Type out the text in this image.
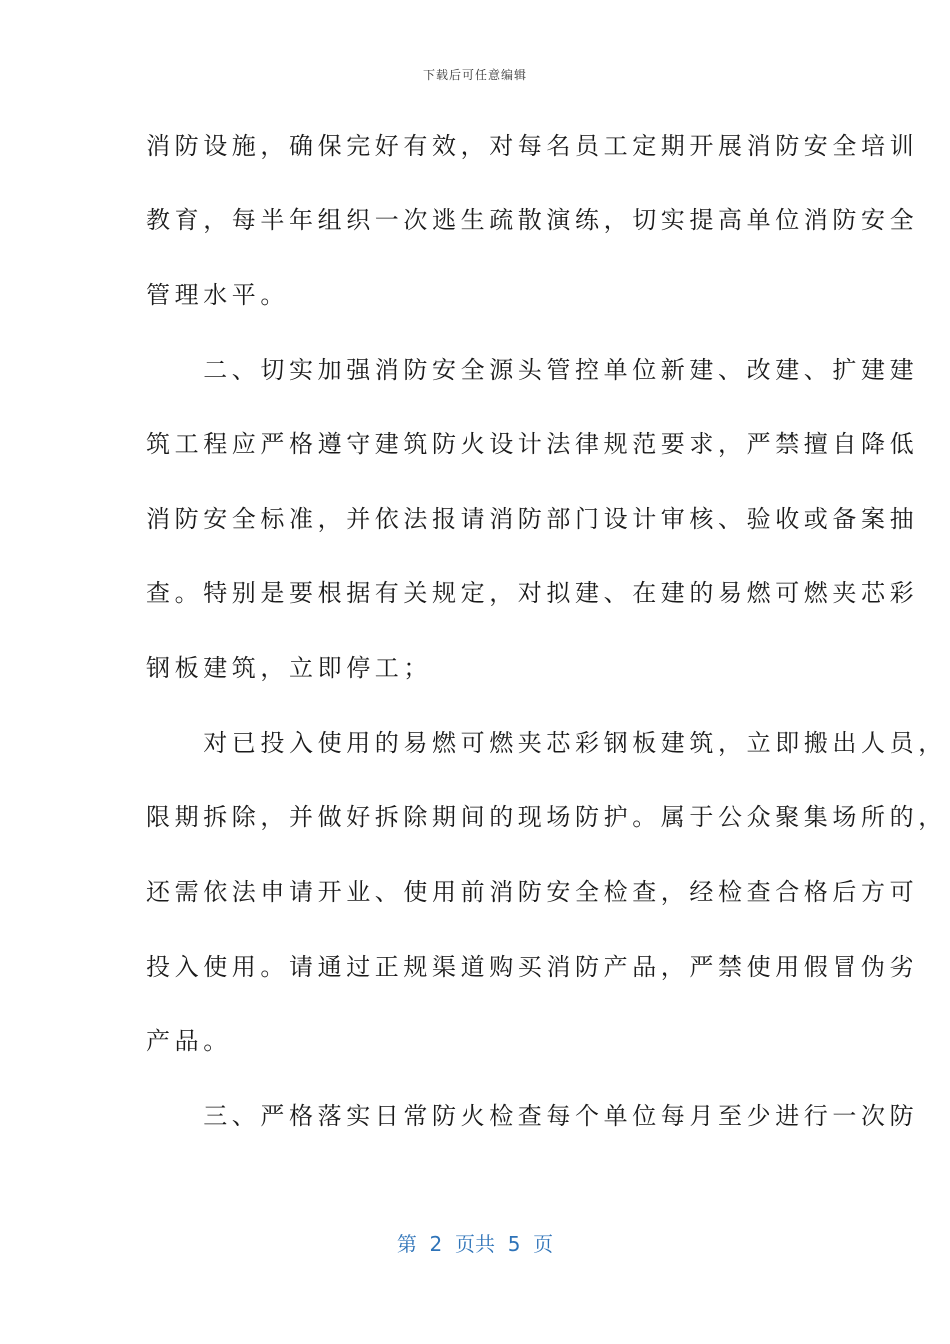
下载后可任意编辑
消防设施，确保完好有效，对每名员工定期开展消防安全培训
教育，每半年组织一次逃生疏散演练，切实提高单位消防安全
管理水平。
　　二、切实加强消防安全源头管控单位新建、改建、扩建建
筑工程应严格遵守建筑防火设计法律规范要求，严禁擅自降低
消防安全标准，并依法报请消防部门设计审核、验收或备案抽
查。特别是要根据有关规定，对拟建、在建的易燃可燃夹芯彩
钢板建筑，立即停工；
　　对已投入使用的易燃可燃夹芯彩钢板建筑，立即搬出人员，
限期拆除，并做好拆除期间的现场防护。属于公众聚集场所的，
还需依法申请开业、使用前消防安全检查，经检查合格后方可
投入使用。请通过正规渠道购买消防产品，严禁使用假冒伪劣
产品。
　　三、严格落实日常防火检查每个单位每月至少进行一次防
第  2  页共  5  页
